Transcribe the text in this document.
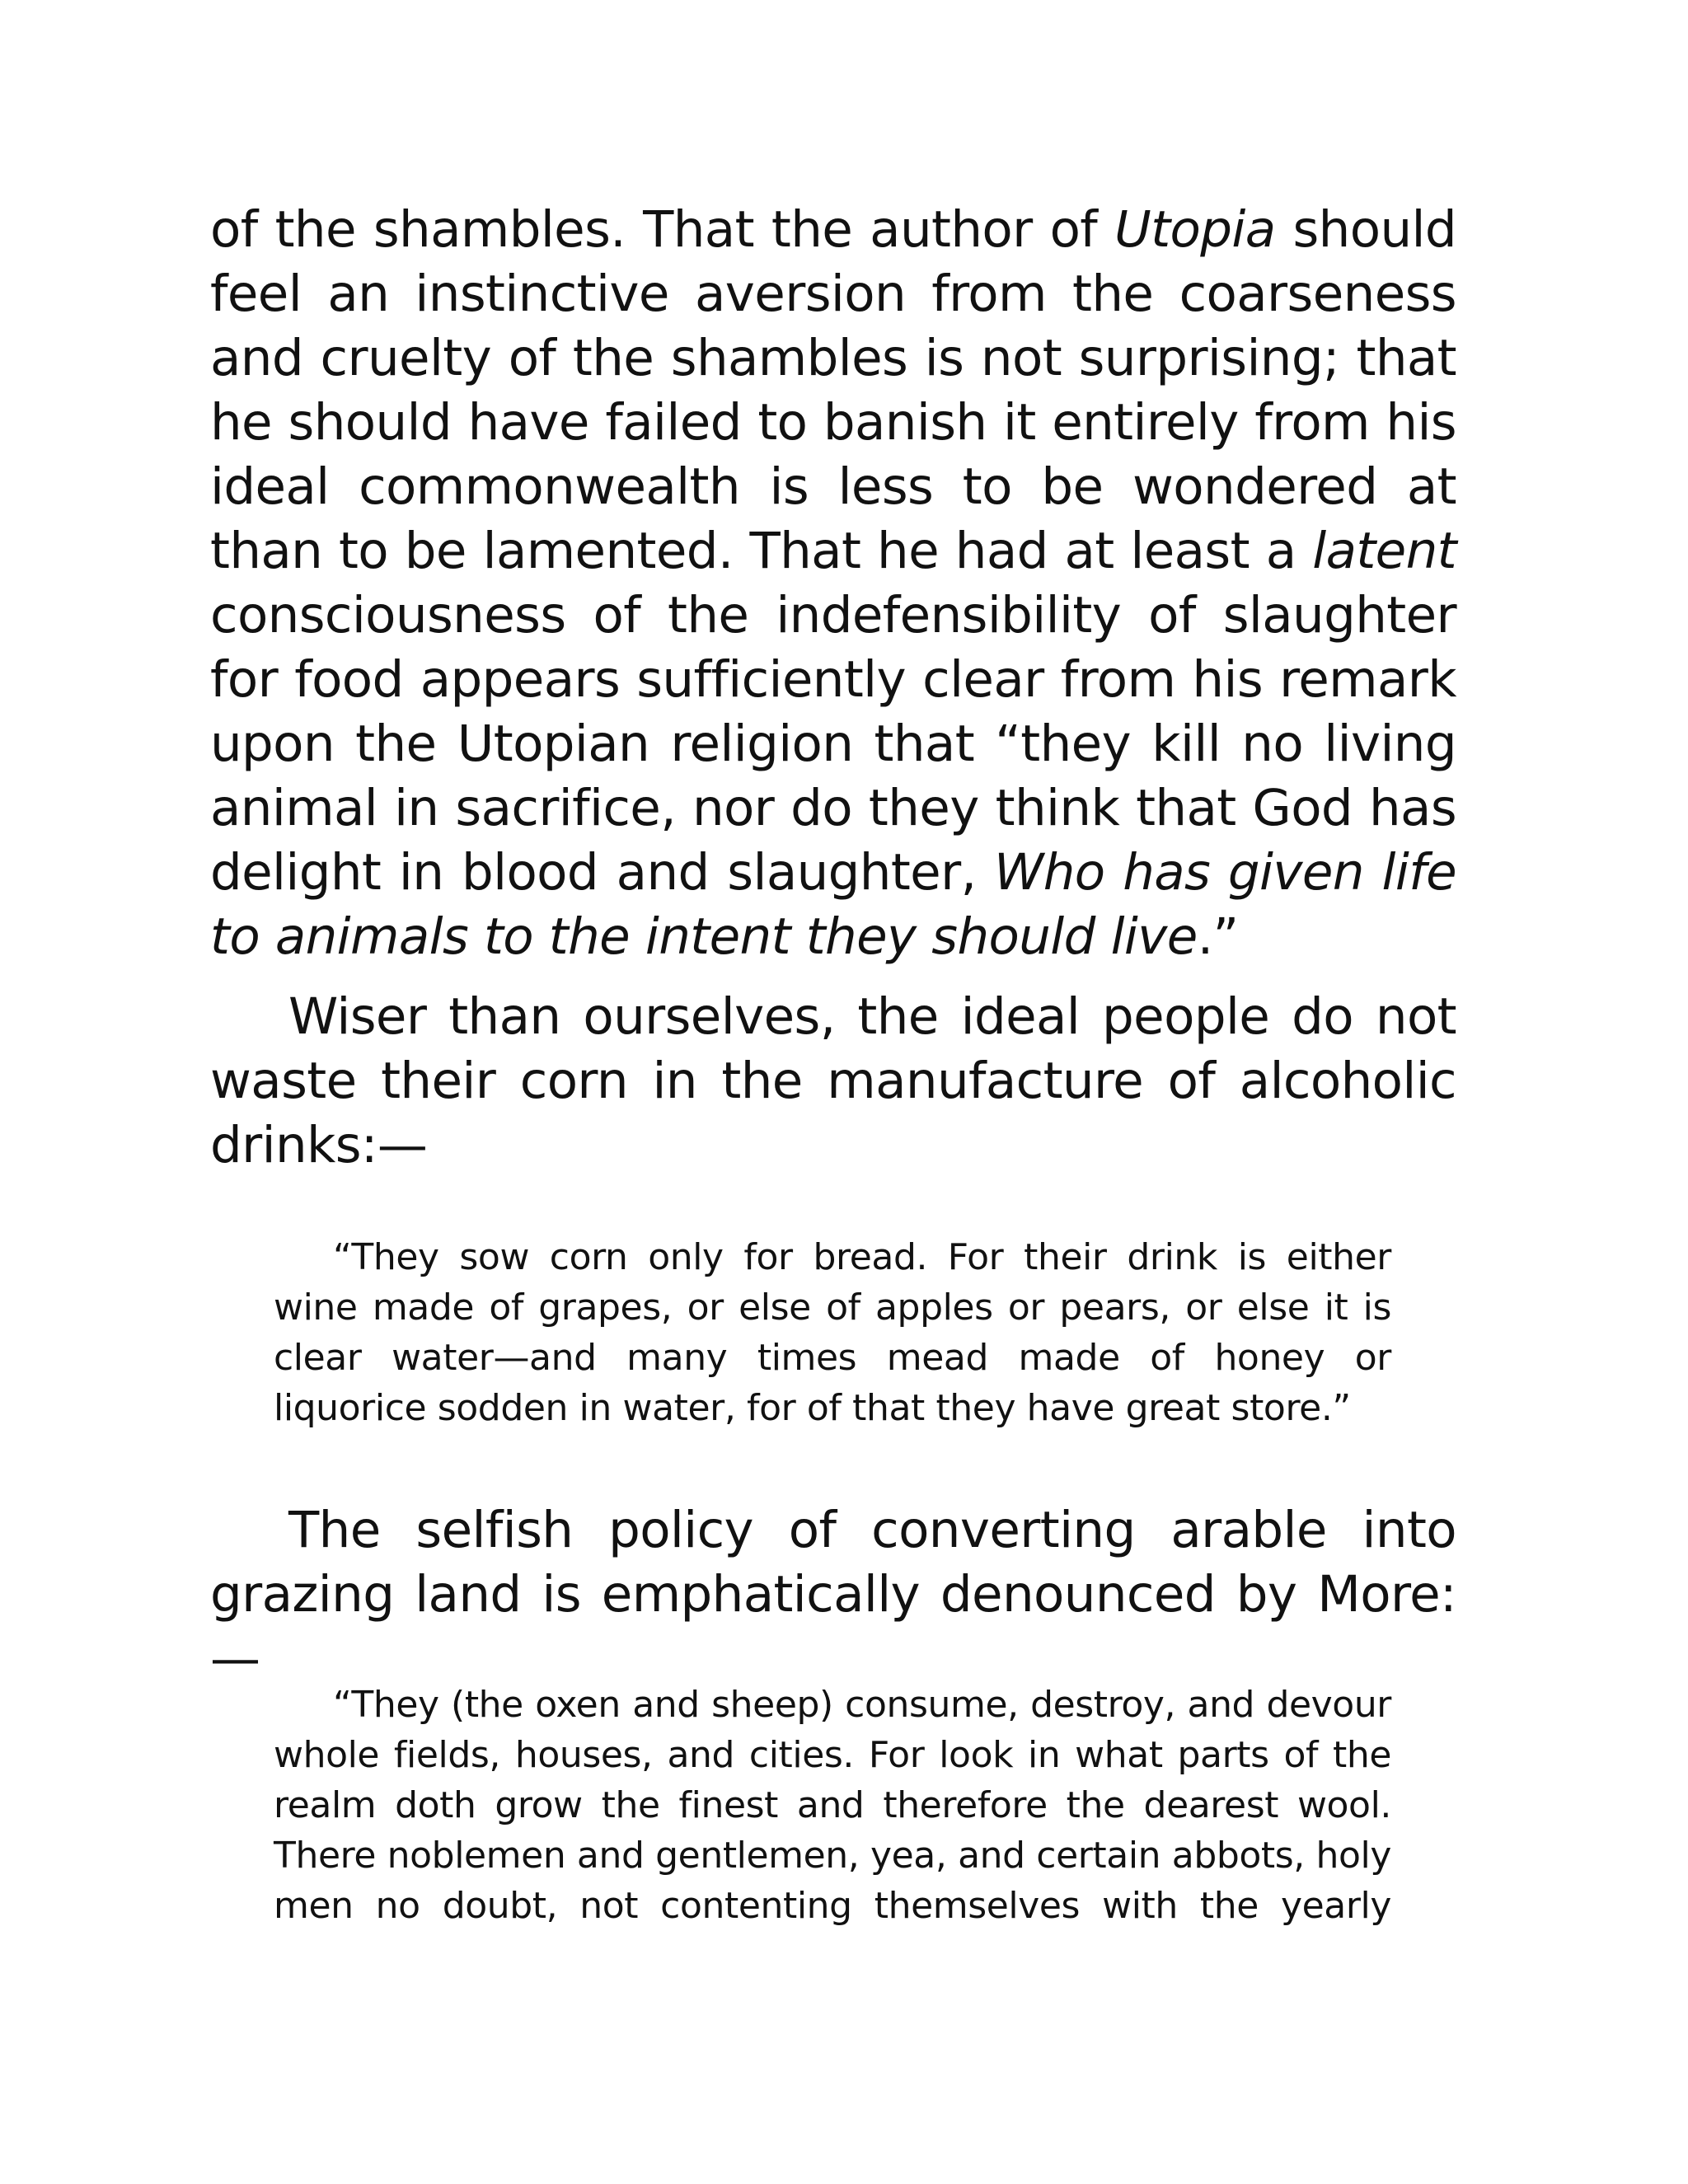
of the shambles. That the author of Utopia should feel an instinctive aversion from the coarseness and cruelty of the shambles is not surprising; that he should have failed to banish it entirely from his ideal commonwealth is less to be wondered at than to be lamented. That he had at least a latent consciousness of the indefensibility of slaughter for food appears sufficiently clear from his remark upon the Utopian religion that “they kill no living animal in sacrifice, nor do they think that God has delight in blood and slaughter, Who has given life to animals to the intent they should live.”

Wiser than ourselves, the ideal people do not waste their corn in the manufacture of alcoholic drinks:—

“They sow corn only for bread. For their drink is either wine made of grapes, or else of apples or pears, or else it is clear water—and many times mead made of honey or liquorice sodden in water, for of that they have great store.”

The selfish policy of converting arable into grazing land is emphatically denounced by More:—

“They (the oxen and sheep) consume, destroy, and devour whole fields, houses, and cities. For look in what parts of the realm doth grow the finest and therefore the dearest wool. There noblemen and gentlemen, yea, and certain abbots, holy men no doubt, not contenting themselves with the yearly
